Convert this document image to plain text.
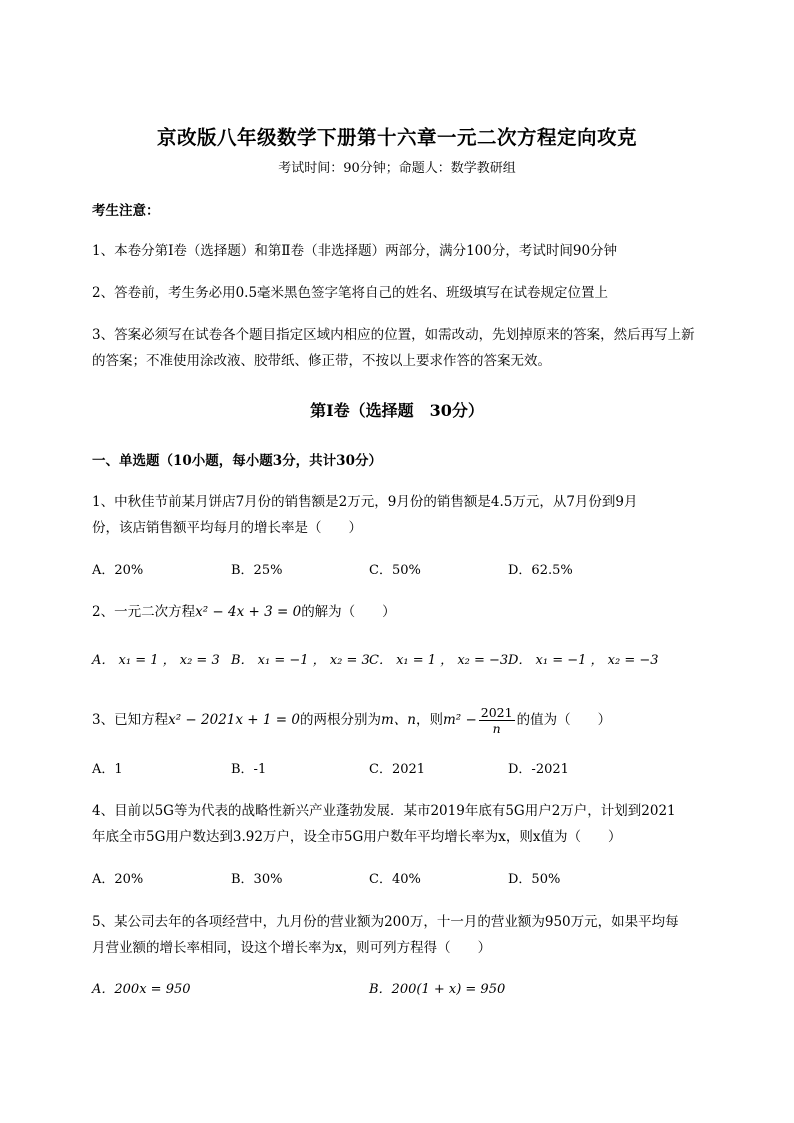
京改版八年级数学下册第十六章一元二次方程定向攻克
考试时间：90分钟；命题人：数学教研组
考生注意：
1、本卷分第I卷（选择题）和第Ⅱ卷（非选择题）两部分，满分100分，考试时间90分钟
2、答卷前，考生务必用0.5毫米黑色签字笔将自己的姓名、班级填写在试卷规定位置上
3、答案必须写在试卷各个题目指定区域内相应的位置，如需改动，先划掉原来的答案，然后再写上新
的答案；不准使用涂改液、胶带纸、修正带，不按以上要求作答的答案无效。
第I卷（选择题　30分）
一、单选题（10小题，每小题3分，共计30分）
1、中秋佳节前某月饼店7月份的销售额是2万元，9月份的销售额是4.5万元，从7月份到9月
份，该店销售额平均每月的增长率是（　　）
A．20%	B．25%	C．50%	D．62.5%
2、一元二次方程x² − 4x + 3 = 0的解为（　　）
A． x₁ = 1 ， x₂ = 3 B． x₁ = −1 ， x₂ = 3 C． x₁ = 1 ， x₂ = −3 D． x₁ = −1 ， x₂ = −3
3、已知方程x² − 2021x + 1 = 0的两根分别为m、n，则$m^2 - \frac{2021}{n}$ 的值为（　　）
A．1	B．-1	C．2021	D．-2021
4、目前以5G等为代表的战略性新兴产业蓬勃发展．某市2019年底有5G用户2万户，计划到2021
年底全市5G用户数达到3.92万户，设全市5G用户数年平均增长率为x，则x值为（　　）
A．20%	B．30%	C．40%	D．50%
5、某公司去年的各项经营中，九月份的营业额为200万，十一月的营业额为950万元，如果平均每
月营业额的增长率相同，设这个增长率为x，则可列方程得（　　）
A．200x = 950	B．200(1 + x) = 950
